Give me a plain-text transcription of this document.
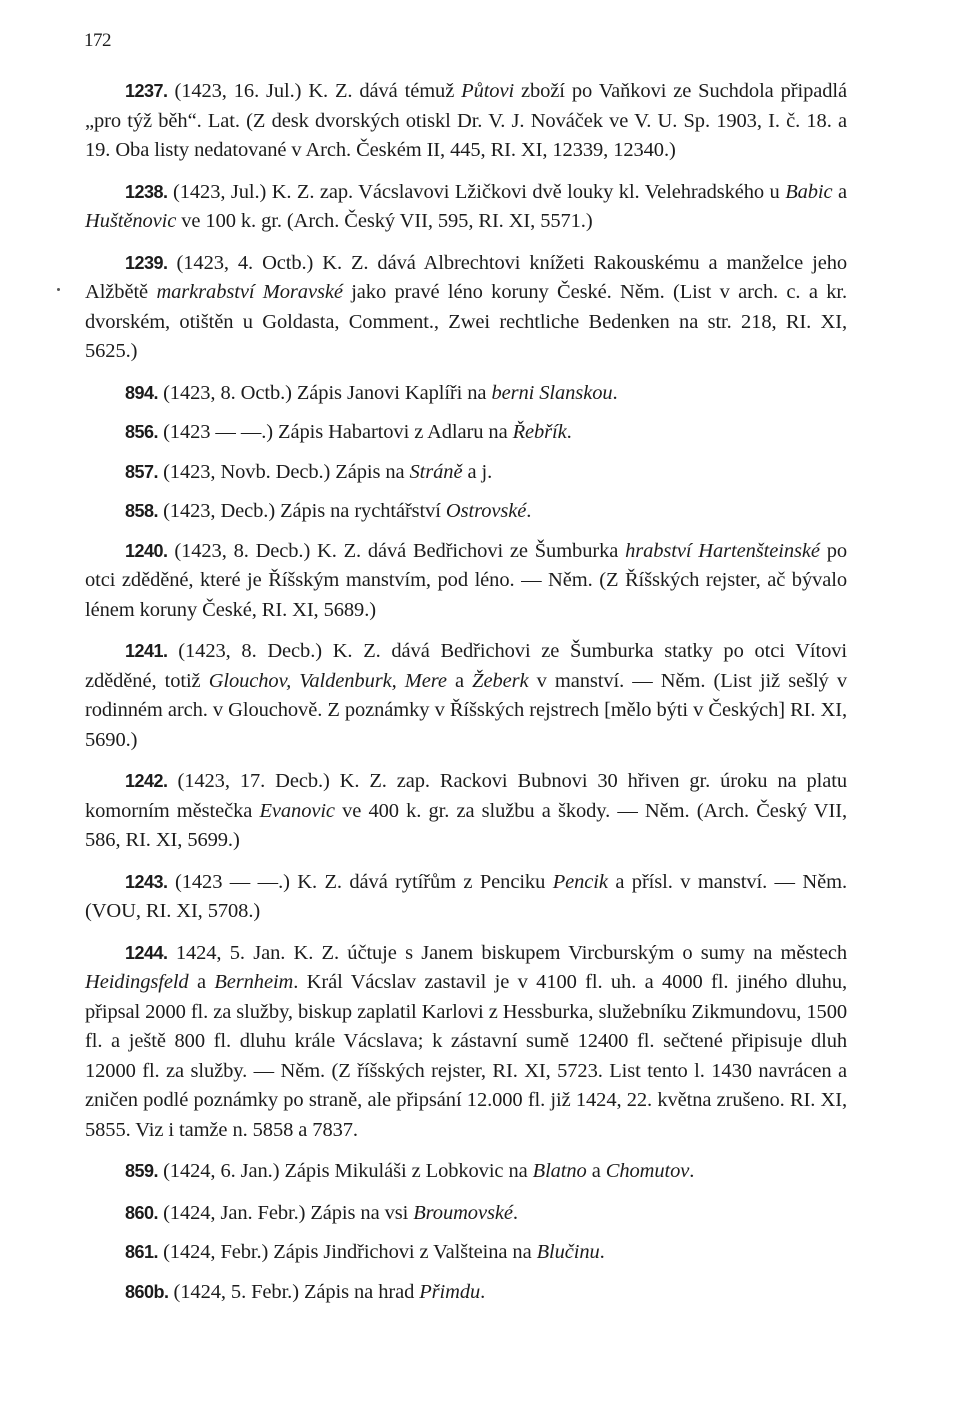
172

1237. (1423, 16. Jul.) K. Z. dává témuž Půtovi zboží po Vaňkovi ze Suchdola připadlá „pro týž běh“. Lat. (Z desk dvorských otiskl Dr. V. J. Nováček ve V. U. Sp. 1903, I. č. 18. a 19. Oba listy nedatované v Arch. Českém II, 445, RI. XI, 12339, 12340.)

1238. (1423, Jul.) K. Z. zap. Vácslavovi Lžičkovi dvě louky kl. Velehradského u Babic a Huštěnovic ve 100 k. gr. (Arch. Český VII, 595, RI. XI, 5571.)

1239. (1423, 4. Octb.) K. Z. dává Albrechtovi knížeti Rakouskému a manželce jeho Alžbětě markrabství Moravské jako pravé léno koruny České. Něm. (List v arch. c. a kr. dvorském, otištěn u Goldasta, Comment., Zwei rechtliche Bedenken na str. 218, RI. XI, 5625.)

894. (1423, 8. Octb.) Zápis Janovi Kaplíři na berni Slanskou.

856. (1423 — —.) Zápis Habartovi z Adlaru na Řebřík.

857. (1423, Novb. Decb.) Zápis na Stráně a j.

858. (1423, Decb.) Zápis na rychtářství Ostrovské.

1240. (1423, 8. Decb.) K. Z. dává Bedřichovi ze Šumburka hrabství Hartenšteinské po otci zděděné, které je Říšským manstvím, pod léno. — Něm. (Z Říšských rejster, ač bývalo lénem koruny České, RI. XI, 5689.)

1241. (1423, 8. Decb.) K. Z. dává Bedřichovi ze Šumburka statky po otci Vítovi zděděné, totiž Glouchov, Valdenburk, Mere a Žeberk v manství. — Něm. (List již sešlý v rodinném arch. v Glouchově. Z poznámky v Říšských rejstrech [mělo býti v Českých] RI. XI, 5690.)

1242. (1423, 17. Decb.) K. Z. zap. Rackovi Bubnovi 30 hřiven gr. úroku na platu komorním městečka Evanovic ve 400 k. gr. za službu a škody. — Něm. (Arch. Český VII, 586, RI. XI, 5699.)

1243. (1423 — —.) K. Z. dává rytířům z Penciku Pencik a přísl. v manství. — Něm. (VOU, RI. XI, 5708.)

1244. 1424, 5. Jan. K. Z. účtuje s Janem biskupem Vircburským o sumy na městech Heidingsfeld a Bernheim. Král Vácslav zastavil je v 4100 fl. uh. a 4000 fl. jiného dluhu, připsal 2000 fl. za služby, biskup zaplatil Karlovi z Hessburka, služebníku Zikmundovu, 1500 fl. a ještě 800 fl. dluhu krále Vácslava; k zástavní sumě 12400 fl. sečtené připisuje dluh 12000 fl. za služby. — Něm. (Z říšských rejster, RI. XI, 5723. List tento l. 1430 navrácen a zničen podlé poznámky po straně, ale připsání 12.000 fl. již 1424, 22. května zrušeno. RI. XI, 5855. Viz i tamže n. 5858 a 7837.

859. (1424, 6. Jan.) Zápis Mikuláši z Lobkovic na Blatno a Chomutov.

860. (1424, Jan. Febr.) Zápis na vsi Broumovské.

861. (1424, Febr.) Zápis Jindřichovi z Valšteina na Blučinu.

860b. (1424, 5. Febr.) Zápis na hrad Přimdu.
